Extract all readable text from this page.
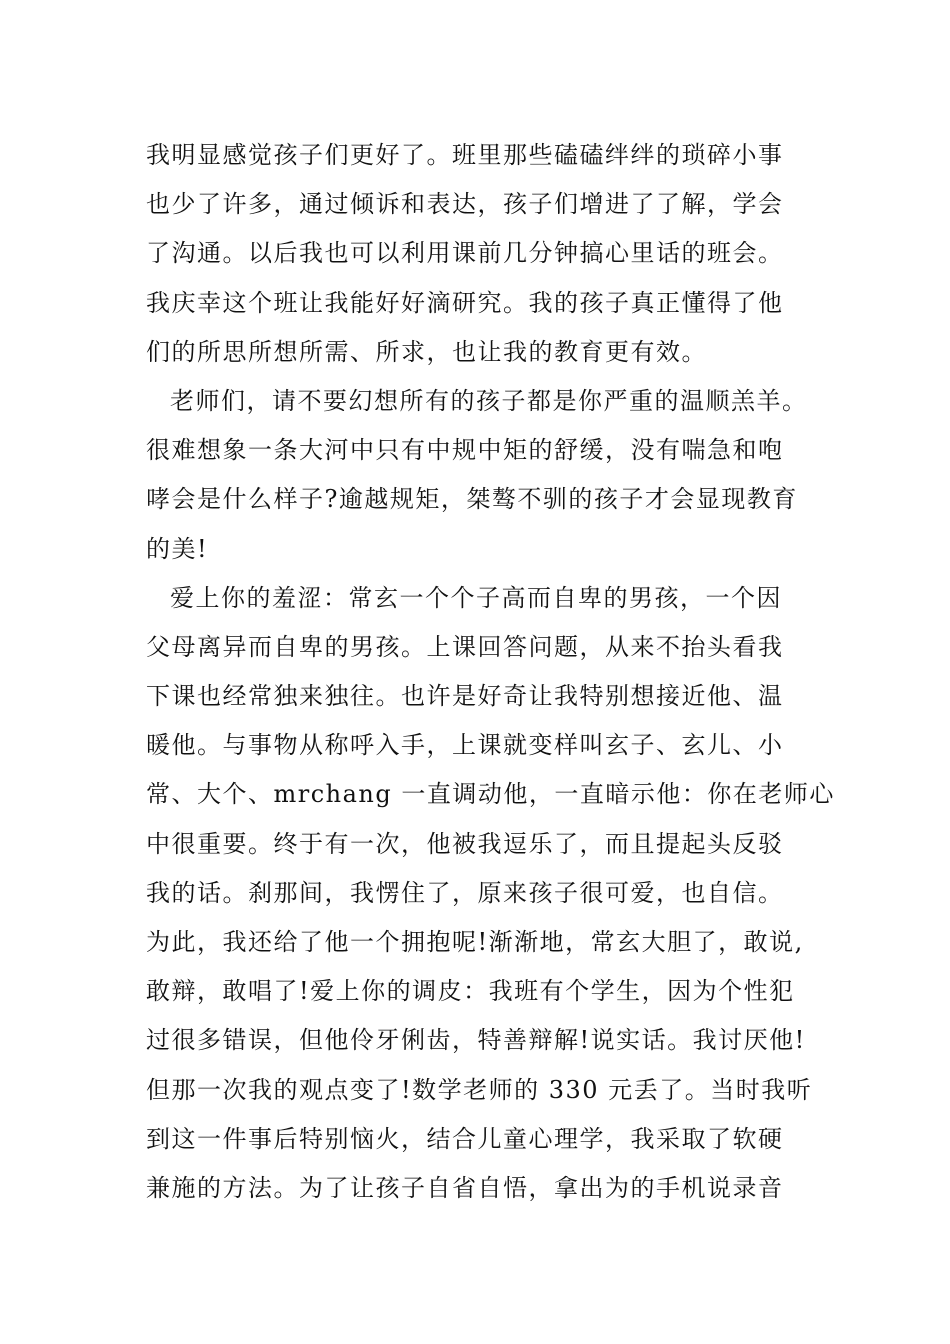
我明显感觉孩子们更好了。班里那些磕磕绊绊的琐碎小事
也少了许多，通过倾诉和表达，孩子们增进了了解，学会
了沟通。以后我也可以利用课前几分钟搞心里话的班会。
我庆幸这个班让我能好好滴研究。我的孩子真正懂得了他
们的所思所想所需、所求，也让我的教育更有效。
老师们，请不要幻想所有的孩子都是你严重的温顺羔羊。
很难想象一条大河中只有中规中矩的舒缓，没有喘急和咆
哮会是什么样子?逾越规矩，桀骜不驯的孩子才会显现教育
的美!
爱上你的羞涩：常玄一个个子高而自卑的男孩，一个因
父母离异而自卑的男孩。上课回答问题，从来不抬头看我
下课也经常独来独往。也许是好奇让我特别想接近他、温
暖他。与事物从称呼入手，上课就变样叫玄子、玄儿、小
常、大个、mrchang 一直调动他，一直暗示他：你在老师心
中很重要。终于有一次，他被我逗乐了，而且提起头反驳
我的话。刹那间，我愣住了，原来孩子很可爱，也自信。
为此，我还给了他一个拥抱呢!渐渐地，常玄大胆了，敢说,
敢辩，敢唱了!爱上你的调皮：我班有个学生，因为个性犯
过很多错误，但他伶牙俐齿，特善辩解!说实话。我讨厌他!
但那一次我的观点变了!数学老师的 330 元丢了。当时我听
到这一件事后特别恼火，结合儿童心理学，我采取了软硬
兼施的方法。为了让孩子自省自悟，拿出为的手机说录音
